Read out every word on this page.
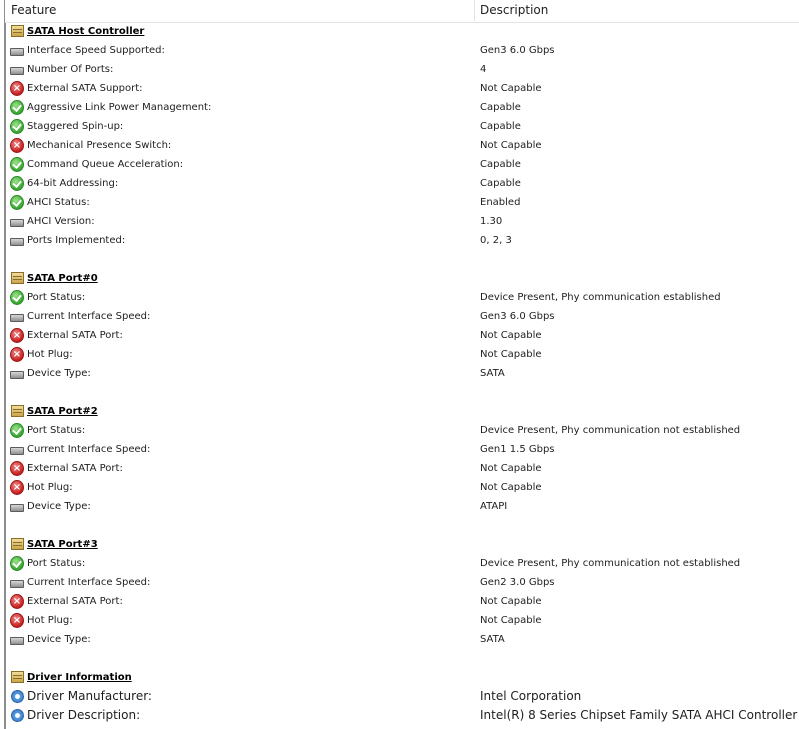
Feature	Description
SATA Host Controller
Interface Speed Supported:	Gen3 6.0 Gbps
Number Of Ports:	4
× External SATA Support:	Not Capable
Aggressive Link Power Management:	Capable
Staggered Spin-up:	Capable
× Mechanical Presence Switch:	Not Capable
Command Queue Acceleration:	Capable
64-bit Addressing:	Capable
AHCI Status:	Enabled
AHCI Version:	1.30
Ports Implemented:	0, 2, 3
SATA Port#0
Port Status:	Device Present, Phy communication established
Current Interface Speed:	Gen3 6.0 Gbps
× External SATA Port:	Not Capable
× Hot Plug:	Not Capable
Device Type:	SATA
SATA Port#2
Port Status:	Device Present, Phy communication not established
Current Interface Speed:	Gen1 1.5 Gbps
× External SATA Port:	Not Capable
× Hot Plug:	Not Capable
Device Type:	ATAPI
SATA Port#3
Port Status:	Device Present, Phy communication not established
Current Interface Speed:	Gen2 3.0 Gbps
× External SATA Port:	Not Capable
× Hot Plug:	Not Capable
Device Type:	SATA
Driver Information
Driver Manufacturer:	Intel Corporation
Driver Description:	Intel(R) 8 Series Chipset Family SATA AHCI Controller
